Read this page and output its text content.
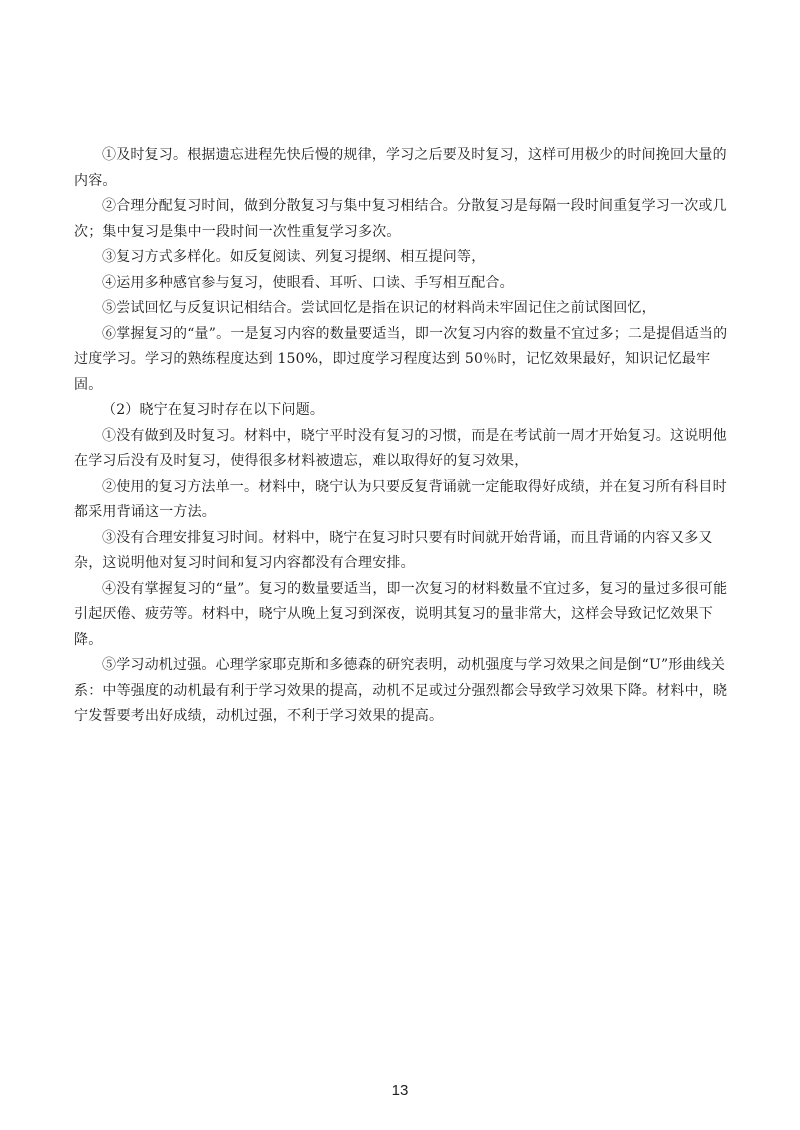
①及时复习。根据遗忘进程先快后慢的规律，学习之后要及时复习，这样可用极少的时间挽回大量的内容。

②合理分配复习时间，做到分散复习与集中复习相结合。分散复习是每隔一段时间重复学习一次或几次；集中复习是集中一段时间一次性重复学习多次。

③复习方式多样化。如反复阅读、列复习提纲、相互提问等，

④运用多种感官参与复习，使眼看、耳听、口读、手写相互配合。

⑤尝试回忆与反复识记相结合。尝试回忆是指在识记的材料尚未牢固记住之前试图回忆，

⑥掌握复习的“量”。一是复习内容的数量要适当，即一次复习内容的数量不宜过多；二是提倡适当的过度学习。学习的熟练程度达到 150%，即过度学习程度达到 50％时，记忆效果最好，知识记忆最牢固。

（2）晓宁在复习时存在以下问题。

①没有做到及时复习。材料中，晓宁平时没有复习的习惯，而是在考试前一周才开始复习。这说明他在学习后没有及时复习，使得很多材料被遗忘，难以取得好的复习效果，

②使用的复习方法单一。材料中，晓宁认为只要反复背诵就一定能取得好成绩，并在复习所有科目时都采用背诵这一方法。

③没有合理安排复习时间。材料中，晓宁在复习时只要有时间就开始背诵，而且背诵的内容又多又杂，这说明他对复习时间和复习内容都没有合理安排。

④没有掌握复习的“量”。复习的数量要适当，即一次复习的材料数量不宜过多，复习的量过多很可能引起厌倦、疲劳等。材料中，晓宁从晚上复习到深夜，说明其复习的量非常大，这样会导致记忆效果下降。

⑤学习动机过强。心理学家耶克斯和多德森的研究表明，动机强度与学习效果之间是倒“U”形曲线关系：中等强度的动机最有利于学习效果的提高，动机不足或过分强烈都会导致学习效果下降。材料中，晓宁发誓要考出好成绩，动机过强，不利于学习效果的提高。

13
